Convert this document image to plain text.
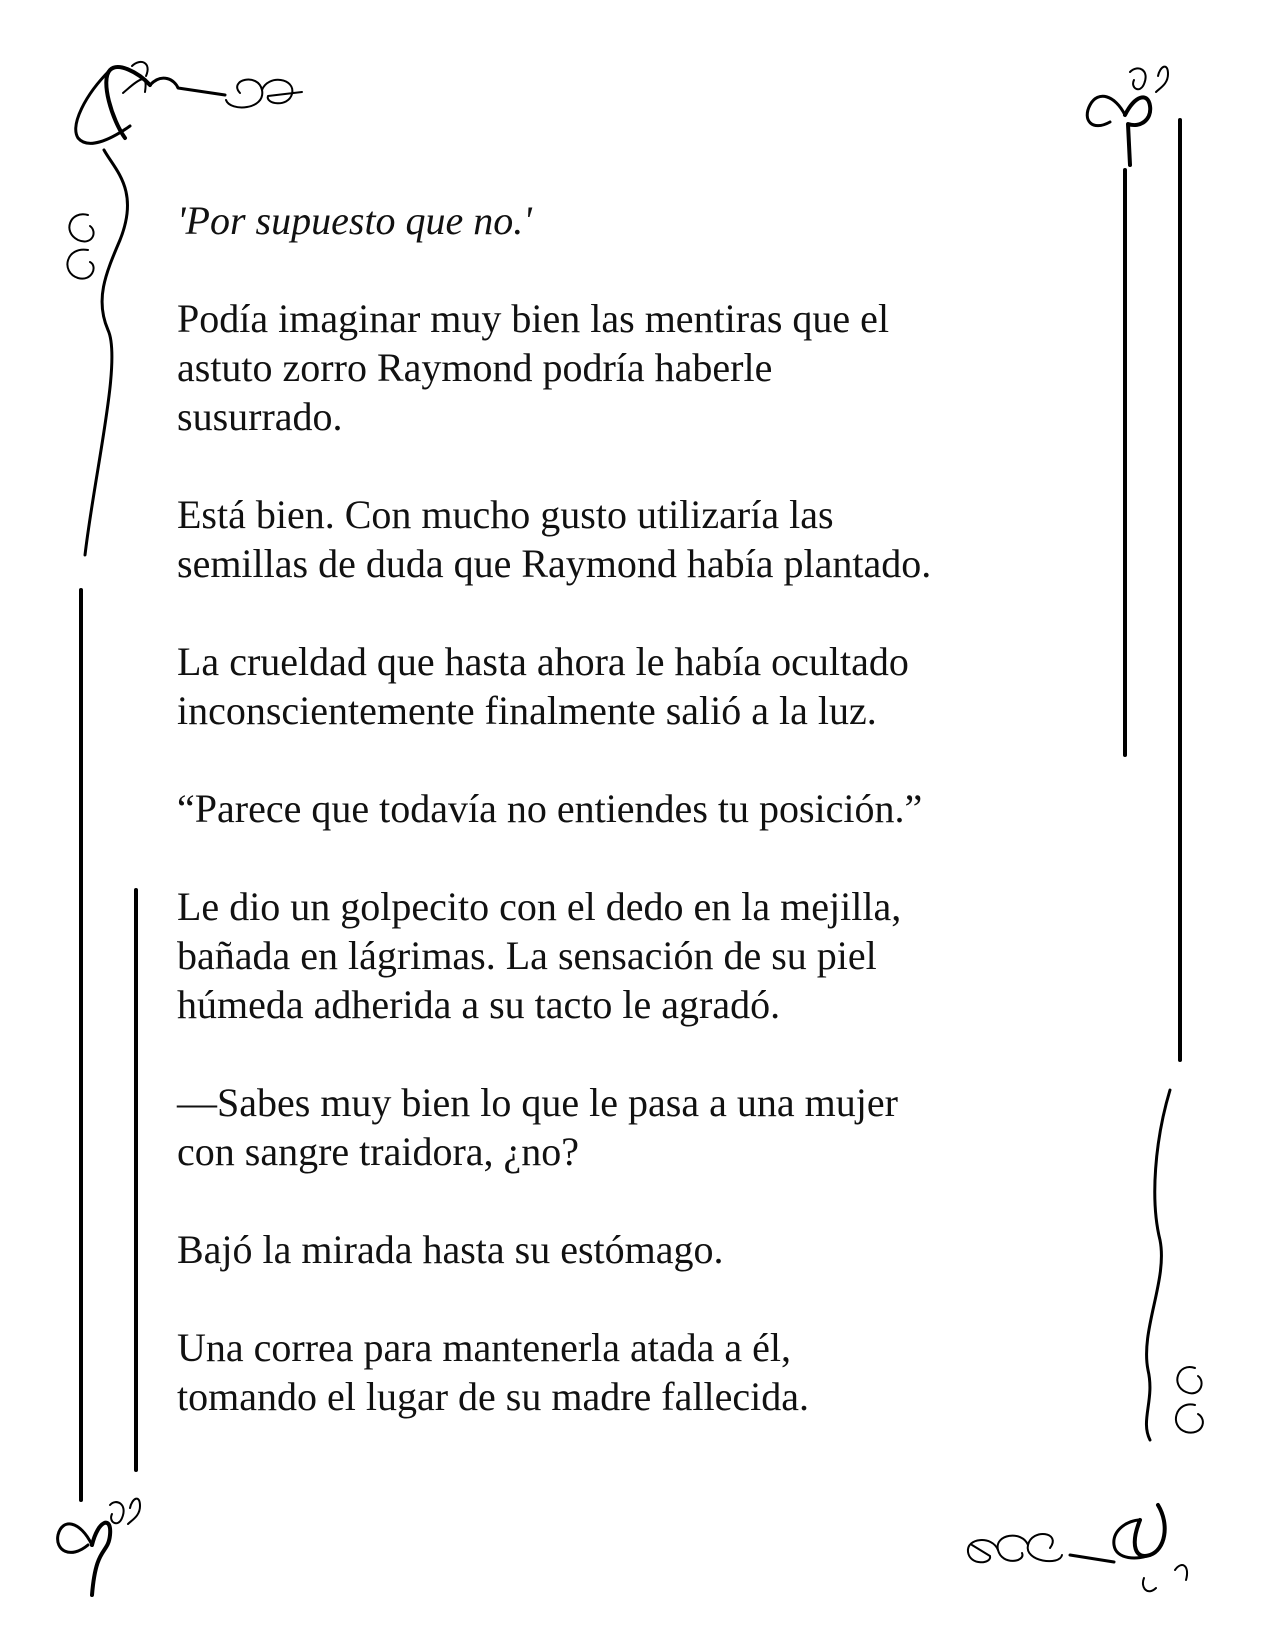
'Por supuesto que no.'

Podía imaginar muy bien las mentiras que el
astuto zorro Raymond podría haberle
susurrado.

Está bien. Con mucho gusto utilizaría las
semillas de duda que Raymond había plantado.

La crueldad que hasta ahora le había ocultado
inconscientemente finalmente salió a la luz.

“Parece que todavía no entiendes tu posición.”

Le dio un golpecito con el dedo en la mejilla,
bañada en lágrimas. La sensación de su piel
húmeda adherida a su tacto le agradó.

—Sabes muy bien lo que le pasa a una mujer
con sangre traidora, ¿no?

Bajó la mirada hasta su estómago.

Una correa para mantenerla atada a él,
tomando el lugar de su madre fallecida.
